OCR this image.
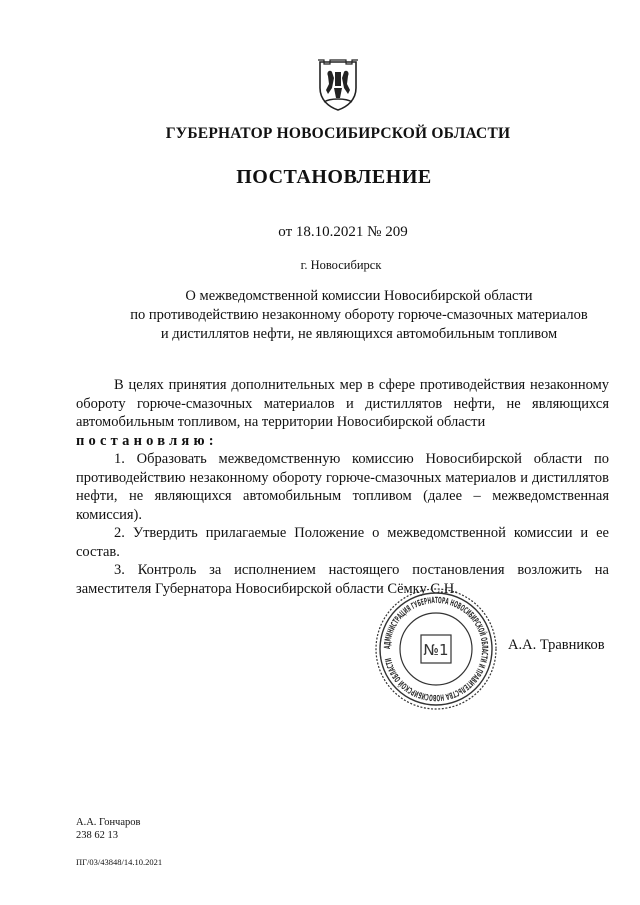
ГУБЕРНАТОР НОВОСИБИРСКОЙ ОБЛАСТИ

ПОСТАНОВЛЕНИЕ

от 18.10.2021 № 209

г. Новосибирск

О межведомственной комиссии Новосибирской области
по противодействию незаконному обороту горюче-смазочных материалов
и дистиллятов нефти, не являющихся автомобильным топливом

В целях принятия дополнительных мер в сфере противодействия незаконному обороту горюче-смазочных материалов и дистиллятов нефти, не являющихся автомобильным топливом, на территории Новосибирской области

постановляю:

1. Образовать межведомственную комиссию Новосибирской области по противодействию незаконному обороту горюче-смазочных материалов и дистиллятов нефти, не являющихся автомобильным топливом (далее – межведомственная комиссия).

2. Утвердить прилагаемые Положение о межведомственной комиссии и ее состав.

3. Контроль за исполнением настоящего постановления возложить на заместителя Губернатора Новосибирской области Сёмку С.Н.

АДМИНИСТРАЦИЯ ГУБЕРНАТОРА НОВОСИБИРСКОЙ ОБЛАСТИ И ПРАВИТЕЛЬСТВА НОВОСИБИРСКОЙ ОБЛАСТИ	№1	А.А. Травников

А.А. Гончаров

238 62 13

ПГ/03/43848/14.10.2021
